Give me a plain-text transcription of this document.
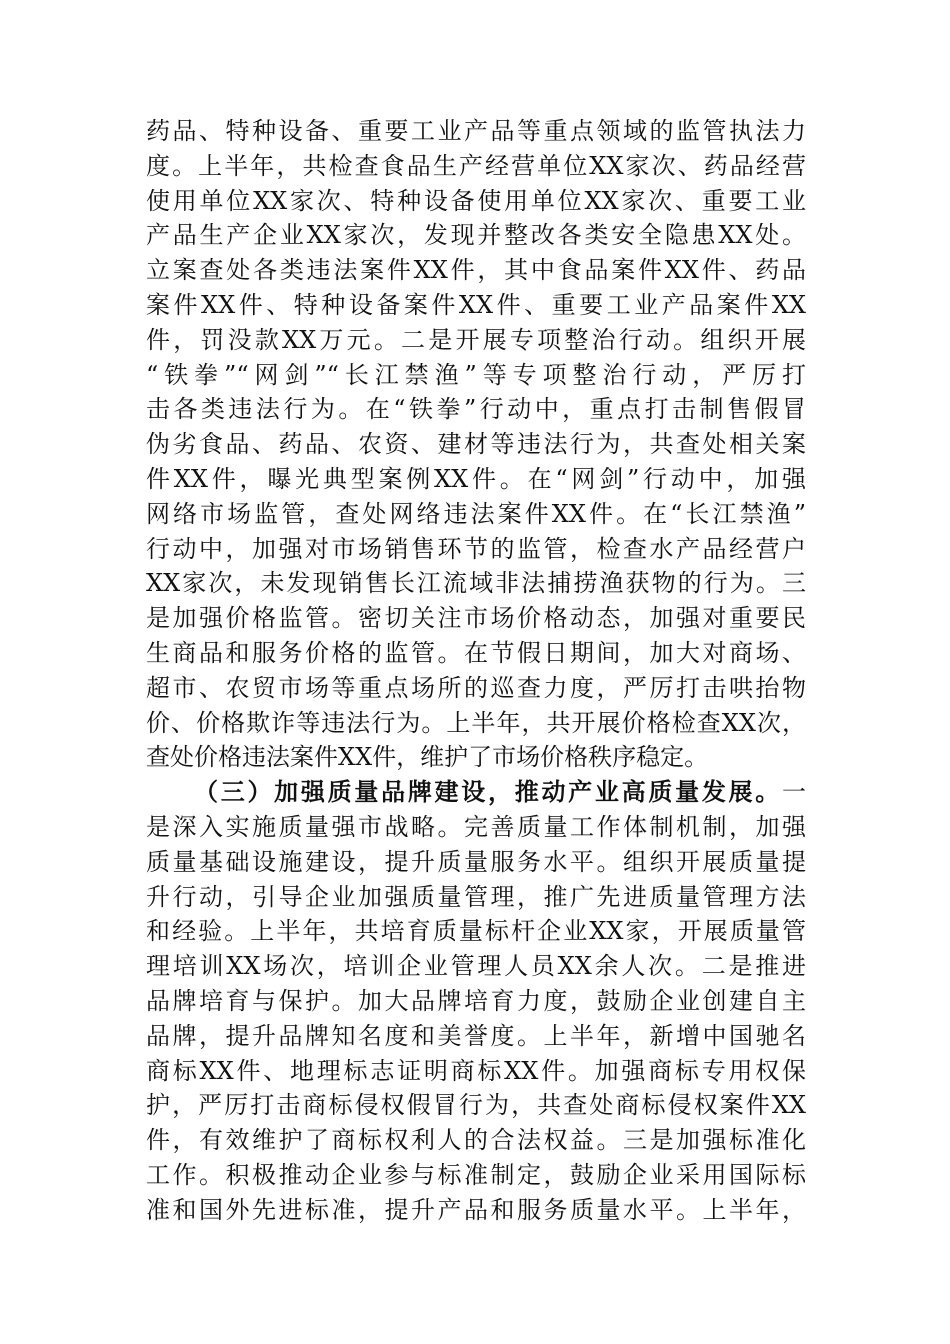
药品、特种设备、重要工业产品等重点领域的监管执法力
度。上半年，共检查食品生产经营单位XX家次、药品经营
使用单位XX家次、特种设备使用单位XX家次、重要工业
产品生产企业XX家次，发现并整改各类安全隐患XX处。
立案查处各类违法案件XX件，其中食品案件XX件、药品
案件XX件、特种设备案件XX件、重要工业产品案件XX
件，罚没款XX万元。二是开展专项整治行动。组织开展
“铁拳”“网剑”“长江禁渔”等专项整治行动，严厉打
击各类违法行为。在“铁拳”行动中，重点打击制售假冒
伪劣食品、药品、农资、建材等违法行为，共查处相关案
件XX件，曝光典型案例XX件。在“网剑”行动中，加强
网络市场监管，查处网络违法案件XX件。在“长江禁渔”
行动中，加强对市场销售环节的监管，检查水产品经营户
XX家次，未发现销售长江流域非法捕捞渔获物的行为。三
是加强价格监管。密切关注市场价格动态，加强对重要民
生商品和服务价格的监管。在节假日期间，加大对商场、
超市、农贸市场等重点场所的巡查力度，严厉打击哄抬物
价、价格欺诈等违法行为。上半年，共开展价格检查XX次，
查处价格违法案件XX件，维护了市场价格秩序稳定。
（三）加强质量品牌建设，推动产业高质量发展。一
是深入实施质量强市战略。完善质量工作体制机制，加强
质量基础设施建设，提升质量服务水平。组织开展质量提
升行动，引导企业加强质量管理，推广先进质量管理方法
和经验。上半年，共培育质量标杆企业XX家，开展质量管
理培训XX场次，培训企业管理人员XX余人次。二是推进
品牌培育与保护。加大品牌培育力度，鼓励企业创建自主
品牌，提升品牌知名度和美誉度。上半年，新增中国驰名
商标XX件、地理标志证明商标XX件。加强商标专用权保
护，严厉打击商标侵权假冒行为，共查处商标侵权案件XX
件，有效维护了商标权利人的合法权益。三是加强标准化
工作。积极推动企业参与标准制定，鼓励企业采用国际标
准和国外先进标准，提升产品和服务质量水平。上半年，
